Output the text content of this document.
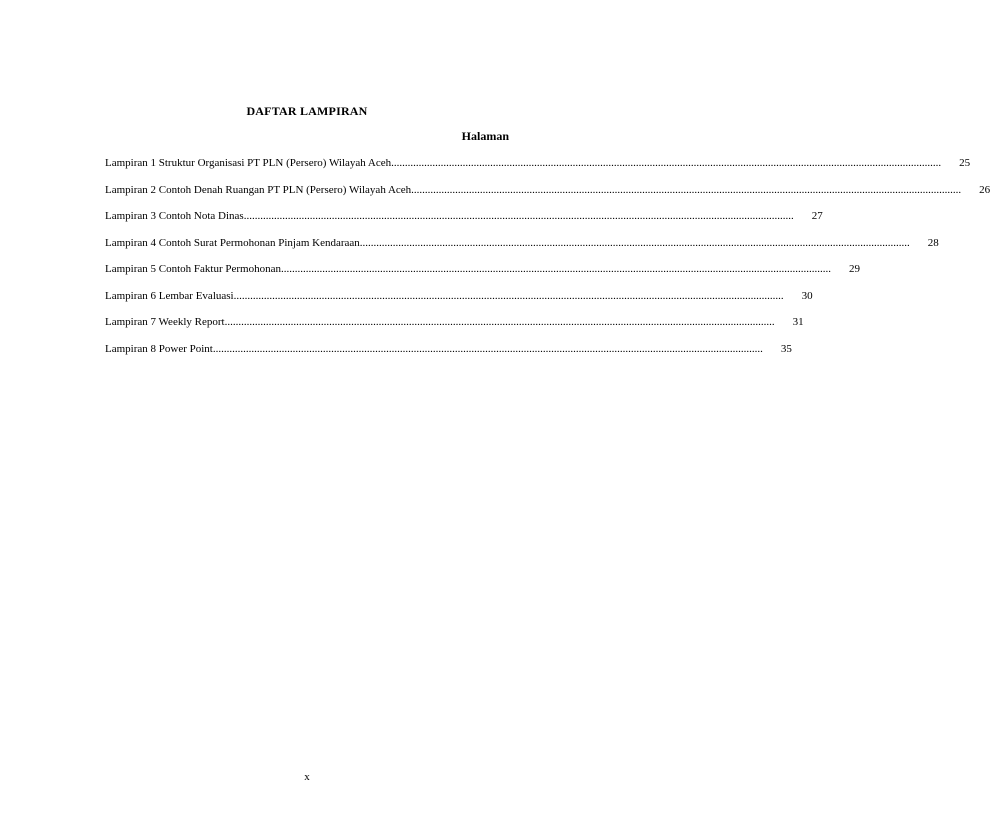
DAFTAR LAMPIRAN
Halaman
Lampiran 1 Struktur Organisasi PT PLN (Persero) Wilayah Aceh ........................................................................................................................................................................................................ 25
Lampiran 2 Contoh Denah Ruangan PT PLN (Persero) Wilayah Aceh ........................................................................................................................................................................................................ 26
Lampiran 3 Contoh Nota Dinas ........................................................................................................................................................................................................ 27
Lampiran 4 Contoh Surat Permohonan Pinjam Kendaraan ........................................................................................................................................................................................................ 28
Lampiran 5 Contoh Faktur Permohonan ........................................................................................................................................................................................................ 29
Lampiran 6 Lembar Evaluasi ........................................................................................................................................................................................................ 30
Lampiran 7 Weekly Report ........................................................................................................................................................................................................ 31
Lampiran 8 Power Point ........................................................................................................................................................................................................ 35
x
